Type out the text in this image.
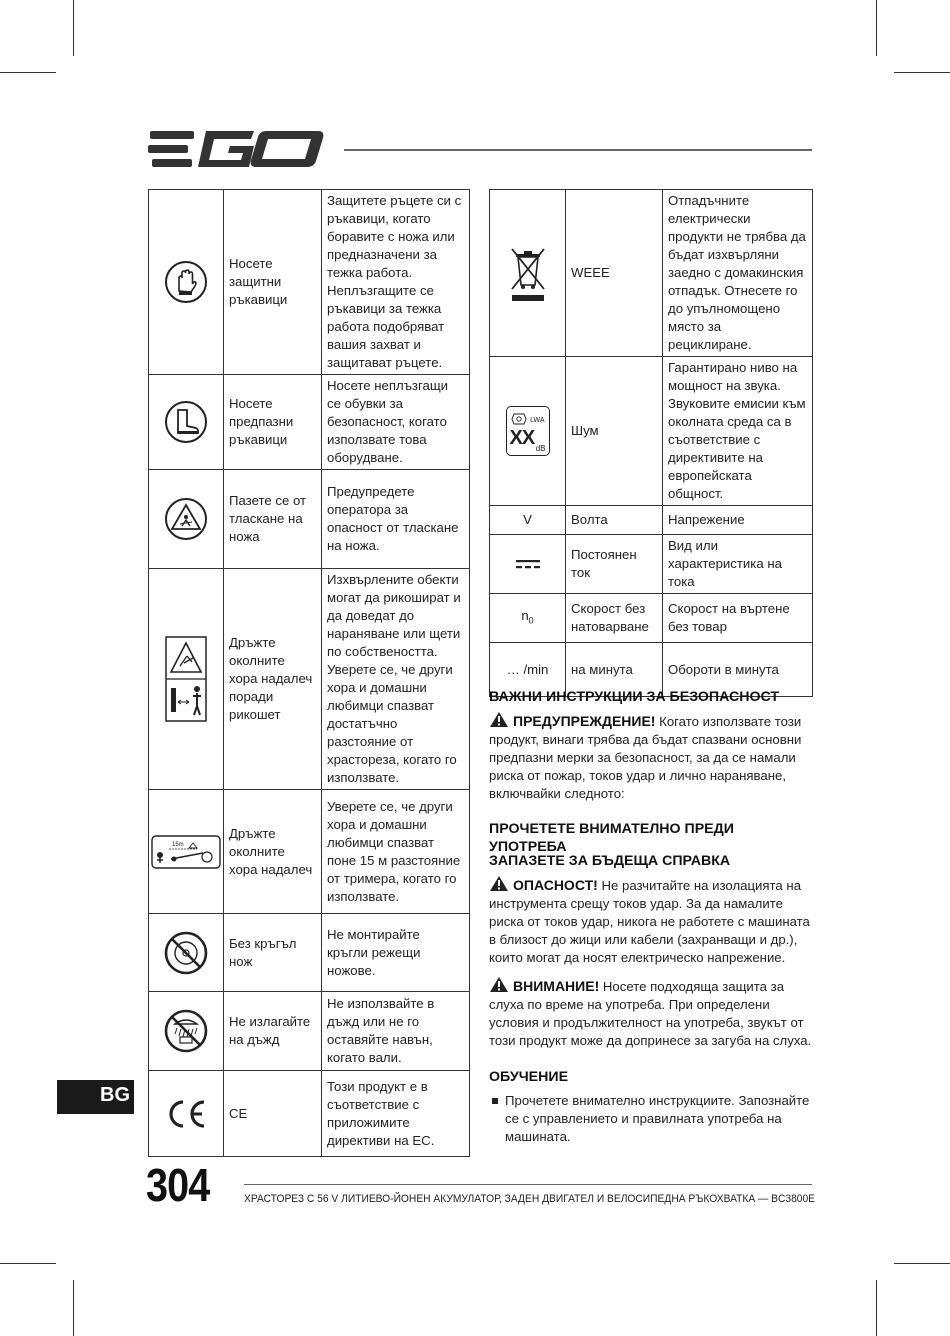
	Носете защитни ръкавици	Защитете ръцете си с ръкавици, когато боравите с ножа или предназначени за тежка работа. Неплъзгащите се ръкавици за тежка работа подобряват вашия захват и защитават ръцете.

	Носете предпазни ръкавици	Носете неплъзгащи се обувки за безопасност, когато използвате това оборудване.

	Пазете се от тласкане на ножа	Предупредете оператора за опасност от тласкане на ножа.

	Дръжте околните хора надалеч поради рикошет	Изхвърлените обекти могат да рикошират и да доведат до нараняване или щети по собствеността. Уверете се, че други хора и домашни любимци спазват достатъчно разстояние от храстореза, когато го използвате.

15m	Дръжте околните хора надалеч	Уверете се, че други хора и домашни любимци спазват поне 15 м разстояние от тримера, когато го използвате.

	Без кръгъл нож	Не монтирайте кръгли режещи ножове.

	Не излагайте на дъжд	Не използвайте в дъжд или не го оставяйте навън, когато вали.

	CE	Този продукт е в съответствие с приложимите директиви на ЕС.
	WEEE	Отпадъчните електрически продукти не трябва да бъдат изхвърляни заедно с домакинския отпадък. Отнесете го до упълномощено място за рециклиране.

LWA
XX dB	Шум	Гарантирано ниво на мощност на звука. Звуковите емисии към околната среда са в съответствие с директивите на европейската общност.
V	Волта	Напрежение

	Постоянен ток	Вид или характеристика на тока
$n_0$	Скорост без натоварване	Скорост на въртене без товар
… /min	на минута	Обороти в минута
ВАЖНИ ИНСТРУКЦИИ ЗА БЕЗОПАСНОСТ

ПРЕДУПРЕЖДЕНИЕ! Когато използвате този продукт, винаги трябва да бъдат спазвани основни предпазни мерки за безопасност, за да се намали риска от пожар, токов удар и лично нараняване, включвайки следното:

ПРОЧЕТЕТЕ ВНИМАТЕЛНО ПРЕДИ УПОТРЕБА
ЗАПАЗЕТЕ ЗА БЪДЕЩА СПРАВКА

ОПАСНОСТ! Не разчитайте на изолацията на инструмента срещу токов удар. За да намалите риска от токов удар, никога не работете с машината в близост до жици или кабели (захранващи и др.), които могат да носят електрическо напрежение.

ВНИМАНИЕ! Носете подходяща защита за слуха по време на употреба. При определени условия и продължителност на употреба, звукът от този продукт може да допринесе за загуба на слуха.

ОБУЧЕНИЕ
Прочетете внимателно инструкциите. Запознайте се с управлението и правилната употреба на машината.
BG
304	ХРАСТОРЕЗ С 56 V ЛИТИЕВО-ЙОНЕН АКУМУЛАТОР, ЗАДЕН ДВИГАТЕЛ И ВЕЛОСИПЕДНА РЪКОХВАТКА — BC3800E
